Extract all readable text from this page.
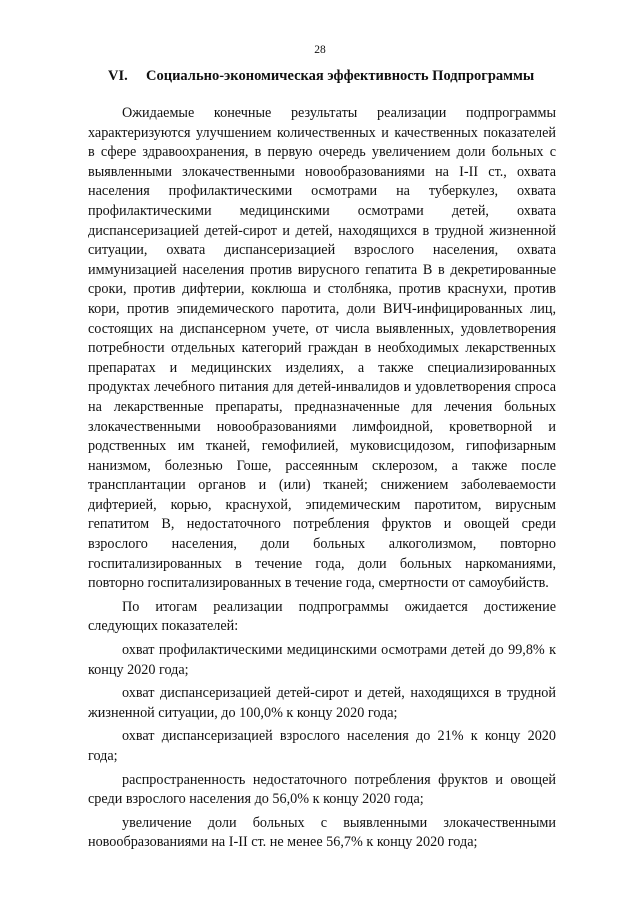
28
VI. Социально-экономическая эффективность Подпрограммы

Ожидаемые конечные результаты реализации подпрограммы характеризуются улучшением количественных и качественных показателей в сфере здравоохранения, в первую очередь увеличением доли больных с выявленными злокачественными новообразованиями на I-II ст., охвата населения профилактическими осмотрами на туберкулез, охвата профилактическими медицинскими осмотрами детей, охвата диспансеризацией детей-сирот и детей, находящихся в трудной жизненной ситуации, охвата диспансеризацией взрослого населения, охвата иммунизацией населения против вирусного гепатита В в декретированные сроки, против дифтерии, коклюша и столбняка, против краснухи, против кори, против эпидемического паротита, доли ВИЧ-инфицированных лиц, состоящих на диспансерном учете, от числа выявленных, удовлетворения потребности отдельных категорий граждан в необходимых лекарственных препаратах и медицинских изделиях, а также специализированных продуктах лечебного питания для детей-инвалидов и удовлетворения спроса на лекарственные препараты, предназначенные для лечения больных злокачественными новообразованиями лимфоидной, кроветворной и родственных им тканей, гемофилией, муковисцидозом, гипофизарным нанизмом, болезнью Гоше, рассеянным склерозом, а также после трансплантации органов и (или) тканей; снижением заболеваемости дифтерией, корью, краснухой, эпидемическим паротитом, вирусным гепатитом В, недостаточного потребления фруктов и овощей среди взрослого населения, доли больных алкоголизмом, повторно госпитализированных в течение года, доли больных наркоманиями, повторно госпитализированных в течение года, смертности от самоубийств.

По итогам реализации подпрограммы ожидается достижение следующих показателей:

охват профилактическими медицинскими осмотрами детей до 99,8% к концу 2020 года;

охват диспансеризацией детей-сирот и детей, находящихся в трудной жизненной ситуации, до 100,0% к концу 2020 года;

охват диспансеризацией взрослого населения до 21% к концу 2020 года;

распространенность недостаточного потребления фруктов и овощей среди взрослого населения до 56,0% к концу 2020 года;

увеличение доли больных с выявленными злокачественными новообразованиями на I-II ст. не менее 56,7% к концу 2020 года;
